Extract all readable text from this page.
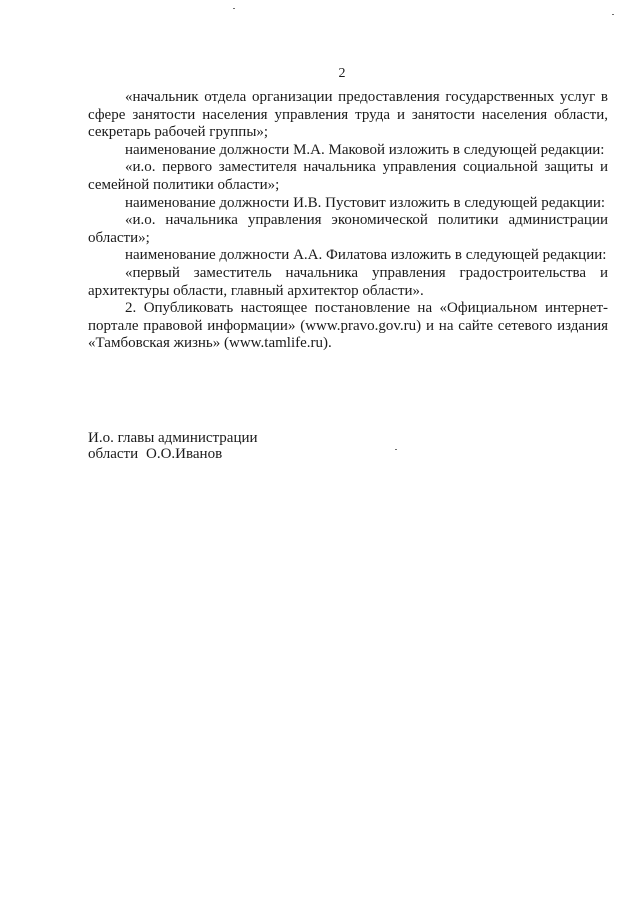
2

«начальник отдела организации предоставления государственных услуг в сфере занятости населения управления труда и занятости населения области, секретарь рабочей группы»;

наименование должности М.А. Маковой изложить в следующей редакции:

«и.о. первого заместителя начальника управления социальной защиты и семейной политики области»;

наименование должности И.В. Пустовит изложить в следующей редакции:

«и.о. начальника управления экономической политики администрации области»;

наименование должности А.А. Филатова изложить в следующей редакции:

«первый заместитель начальника управления градостроительства и архитектуры области, главный архитектор области».

2. Опубликовать настоящее постановление на «Официальном интернет-портале правовой информации» (www.pravo.gov.ru) и на сайте сетевого издания «Тамбовская жизнь» (www.tamlife.ru).

И.о. главы администрации
области О.О.Иванов
